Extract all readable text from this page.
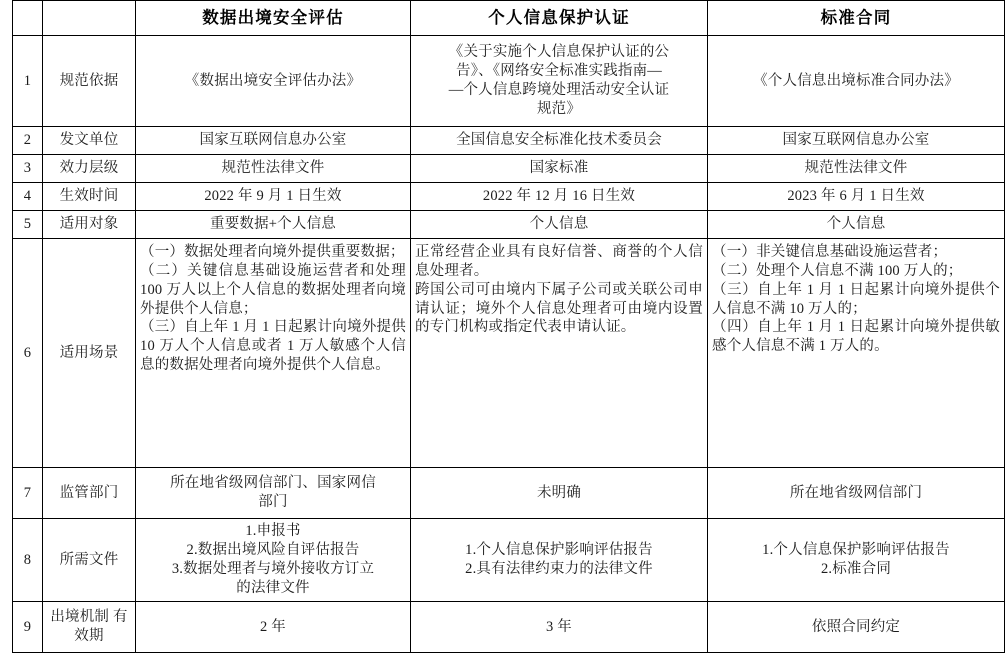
		数据出境安全评估	个人信息保护认证	标准合同
1	规范依据	《数据出境安全评估办法》	《关于实施个人信息保护认证的公
告》、《网络安全标准实践指南—
—个人信息跨境处理活动安全认证
规范》	《个人信息出境标准合同办法》

2	发文单位	国家互联网信息办公室	全国信息安全标准化技术委员会	国家互联网信息办公室
3	效力层级	规范性法律文件	国家标准	规范性法律文件
4	生效时间	2022 年 9 月 1 日生效	2022 年 12 月 16 日生效	2023 年 6 月 1 日生效
5	适用对象	重要数据+个人信息	个人信息	个人信息
6	适用场景	（一）数据处理者向境外提供重要数据；
（二）关键信息基础设施运营者和处理 100 万人以上个人信息的数据处理者向境外提供个人信息；
（三）自上年 1 月 1 日起累计向境外提供 10 万人个人信息或者 1 万人敏感个人信息的数据处理者向境外提供个人信息。	正常经营企业具有良好信誉、商誉的个人信息处理者。
跨国公司可由境内下属子公司或关联公司申请认证；境外个人信息处理者可由境内设置的专门机构或指定代表申请认证。	（一）非关键信息基础设施运营者；
（二）处理个人信息不满 100 万人的；
（三）自上年 1 月 1 日起累计向境外提供个人信息不满 10 万人的；
（四）自上年 1 月 1 日起累计向境外提供敏感个人信息不满 1 万人的。

7	监管部门	所在地省级网信部门、国家网信
部门	未明确	所在地省级网信部门
8	所需文件	1.申报书
2.数据出境风险自评估报告
3.数据处理者与境外接收方订立
的法律文件	1.个人信息保护影响评估报告
2.具有法律约束力的法律文件	1.个人信息保护影响评估报告
2.标准合同

9	出境机制 有效期	2 年	3 年	依照合同约定
